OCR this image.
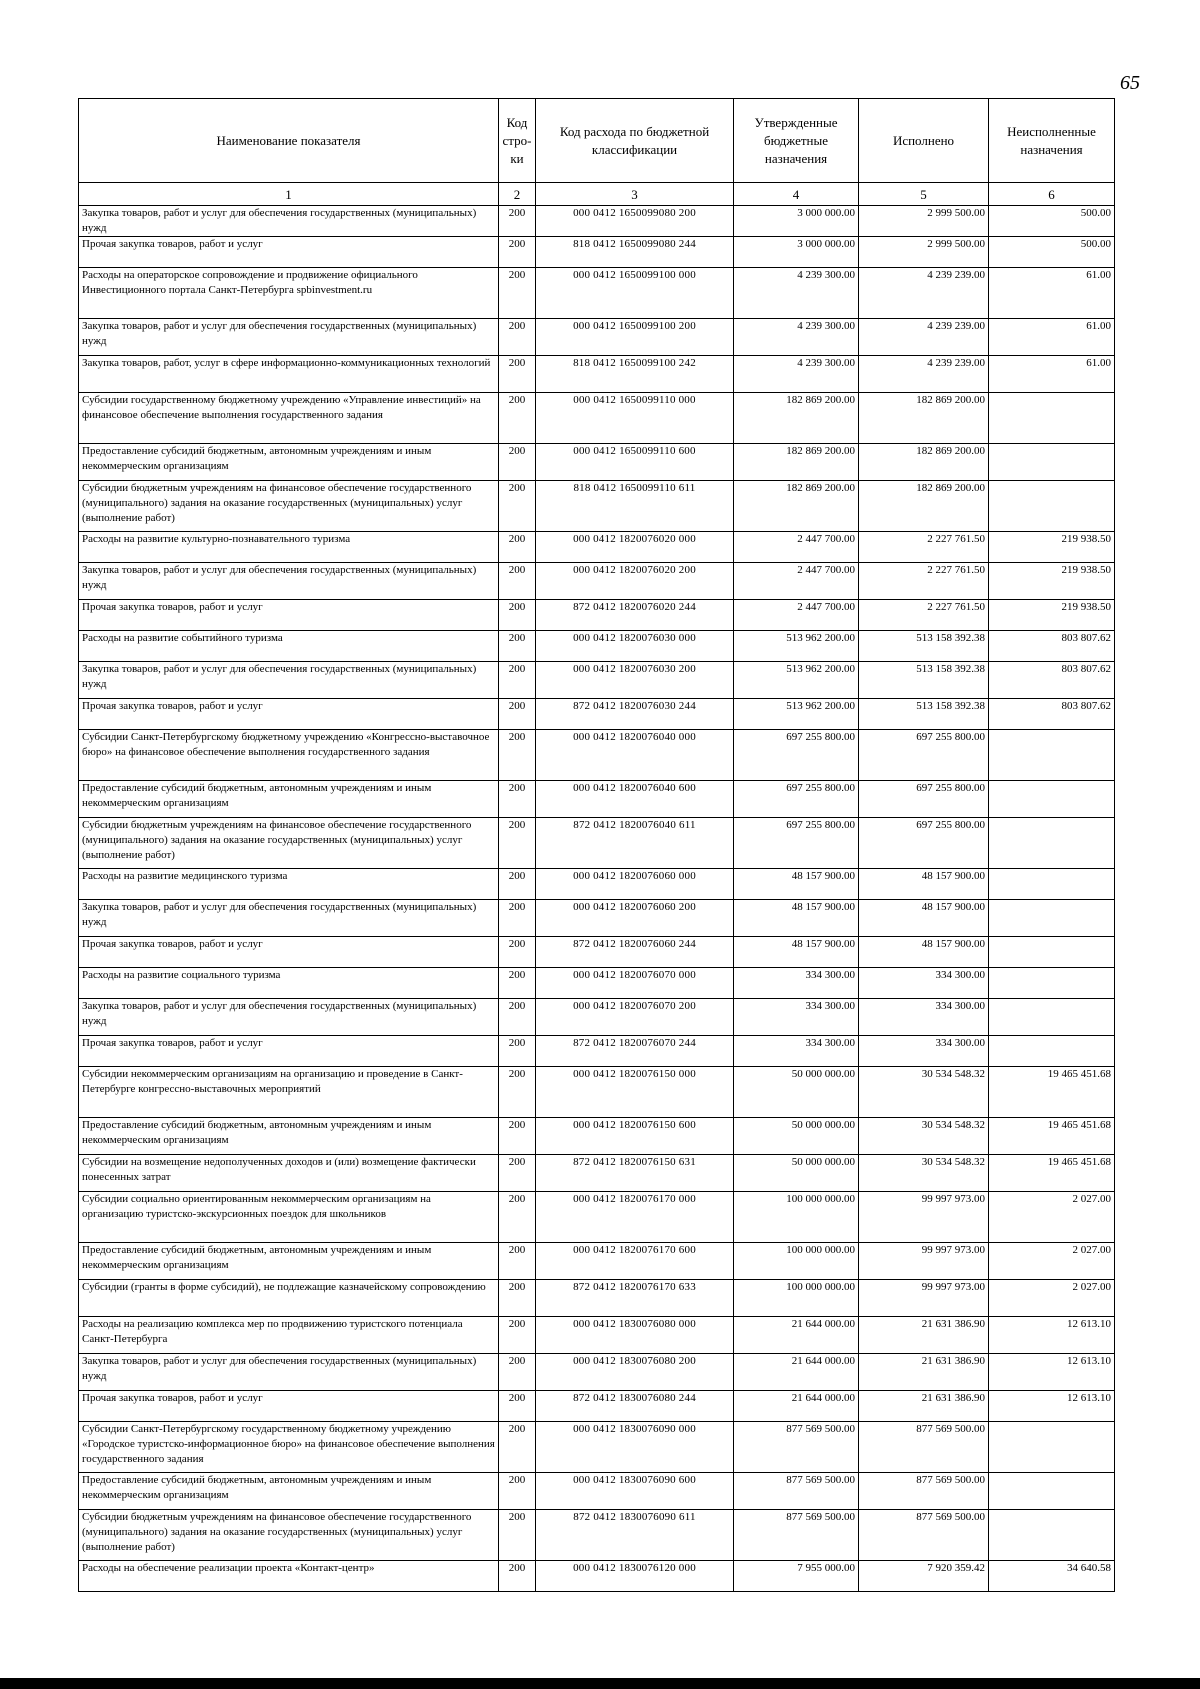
65
Наименование показателя	Код стро-ки	Код расхода по бюджетной классификации	Утвержденные бюджетные назначения	Исполнено	Неисполненные назначения
1	2	3	4	5	6
Закупка товаров, работ и услуг для обеспечения государственных (муниципальных) нужд	200	000 0412 1650099080 200	3 000 000.00	2 999 500.00	500.00
Прочая закупка товаров, работ и услуг	200	818 0412 1650099080 244	3 000 000.00	2 999 500.00	500.00
Расходы на операторское сопровождение и продвижение официального Инвестиционного портала Санкт-Петербурга spbinvestment.ru	200	000 0412 1650099100 000	4 239 300.00	4 239 239.00	61.00
Закупка товаров, работ и услуг для обеспечения государственных (муниципальных) нужд	200	000 0412 1650099100 200	4 239 300.00	4 239 239.00	61.00
Закупка товаров, работ, услуг в сфере информационно-коммуникационных технологий	200	818 0412 1650099100 242	4 239 300.00	4 239 239.00	61.00
Субсидии государственному бюджетному учреждению «Управление инвестиций» на финансовое обеспечение выполнения государственного задания	200	000 0412 1650099110 000	182 869 200.00	182 869 200.00	
Предоставление субсидий бюджетным, автономным учреждениям и иным некоммерческим организациям	200	000 0412 1650099110 600	182 869 200.00	182 869 200.00	
Субсидии бюджетным учреждениям на финансовое обеспечение государственного (муниципального) задания на оказание государственных (муниципальных) услуг (выполнение работ)	200	818 0412 1650099110 611	182 869 200.00	182 869 200.00	
Расходы на развитие культурно-познавательного туризма	200	000 0412 1820076020 000	2 447 700.00	2 227 761.50	219 938.50
Закупка товаров, работ и услуг для обеспечения государственных (муниципальных) нужд	200	000 0412 1820076020 200	2 447 700.00	2 227 761.50	219 938.50
Прочая закупка товаров, работ и услуг	200	872 0412 1820076020 244	2 447 700.00	2 227 761.50	219 938.50
Расходы на развитие событийного туризма	200	000 0412 1820076030 000	513 962 200.00	513 158 392.38	803 807.62
Закупка товаров, работ и услуг для обеспечения государственных (муниципальных) нужд	200	000 0412 1820076030 200	513 962 200.00	513 158 392.38	803 807.62
Прочая закупка товаров, работ и услуг	200	872 0412 1820076030 244	513 962 200.00	513 158 392.38	803 807.62
Субсидии Санкт-Петербургскому бюджетному учреждению «Конгрессно-выставочное бюро» на финансовое обеспечение выполнения государственного задания	200	000 0412 1820076040 000	697 255 800.00	697 255 800.00	
Предоставление субсидий бюджетным, автономным учреждениям и иным некоммерческим организациям	200	000 0412 1820076040 600	697 255 800.00	697 255 800.00	
Субсидии бюджетным учреждениям на финансовое обеспечение государственного (муниципального) задания на оказание государственных (муниципальных) услуг (выполнение работ)	200	872 0412 1820076040 611	697 255 800.00	697 255 800.00	
Расходы на развитие медицинского туризма	200	000 0412 1820076060 000	48 157 900.00	48 157 900.00	
Закупка товаров, работ и услуг для обеспечения государственных (муниципальных) нужд	200	000 0412 1820076060 200	48 157 900.00	48 157 900.00	
Прочая закупка товаров, работ и услуг	200	872 0412 1820076060 244	48 157 900.00	48 157 900.00	
Расходы на развитие социального туризма	200	000 0412 1820076070 000	334 300.00	334 300.00	
Закупка товаров, работ и услуг для обеспечения государственных (муниципальных) нужд	200	000 0412 1820076070 200	334 300.00	334 300.00	
Прочая закупка товаров, работ и услуг	200	872 0412 1820076070 244	334 300.00	334 300.00	
Субсидии некоммерческим организациям на организацию и проведение в Санкт-Петербурге конгрессно-выставочных мероприятий	200	000 0412 1820076150 000	50 000 000.00	30 534 548.32	19 465 451.68
Предоставление субсидий бюджетным, автономным учреждениям и иным некоммерческим организациям	200	000 0412 1820076150 600	50 000 000.00	30 534 548.32	19 465 451.68
Субсидии на возмещение недополученных доходов и (или) возмещение фактически понесенных затрат	200	872 0412 1820076150 631	50 000 000.00	30 534 548.32	19 465 451.68
Субсидии социально ориентированным некоммерческим организациям на организацию туристско-экскурсионных поездок для школьников	200	000 0412 1820076170 000	100 000 000.00	99 997 973.00	2 027.00
Предоставление субсидий бюджетным, автономным учреждениям и иным некоммерческим организациям	200	000 0412 1820076170 600	100 000 000.00	99 997 973.00	2 027.00
Субсидии (гранты в форме субсидий), не подлежащие казначейскому сопровождению	200	872 0412 1820076170 633	100 000 000.00	99 997 973.00	2 027.00
Расходы на реализацию комплекса мер по продвижению туристского потенциала Санкт-Петербурга	200	000 0412 1830076080 000	21 644 000.00	21 631 386.90	12 613.10
Закупка товаров, работ и услуг для обеспечения государственных (муниципальных) нужд	200	000 0412 1830076080 200	21 644 000.00	21 631 386.90	12 613.10
Прочая закупка товаров, работ и услуг	200	872 0412 1830076080 244	21 644 000.00	21 631 386.90	12 613.10
Субсидии Санкт-Петербургскому государственному бюджетному учреждению «Городское туристско-информационное бюро» на финансовое обеспечение выполнения государственного задания	200	000 0412 1830076090 000	877 569 500.00	877 569 500.00	
Предоставление субсидий бюджетным, автономным учреждениям и иным некоммерческим организациям	200	000 0412 1830076090 600	877 569 500.00	877 569 500.00	
Субсидии бюджетным учреждениям на финансовое обеспечение государственного (муниципального) задания на оказание государственных (муниципальных) услуг (выполнение работ)	200	872 0412 1830076090 611	877 569 500.00	877 569 500.00	
Расходы на обеспечение реализации проекта «Контакт-центр»	200	000 0412 1830076120 000	7 955 000.00	7 920 359.42	34 640.58
